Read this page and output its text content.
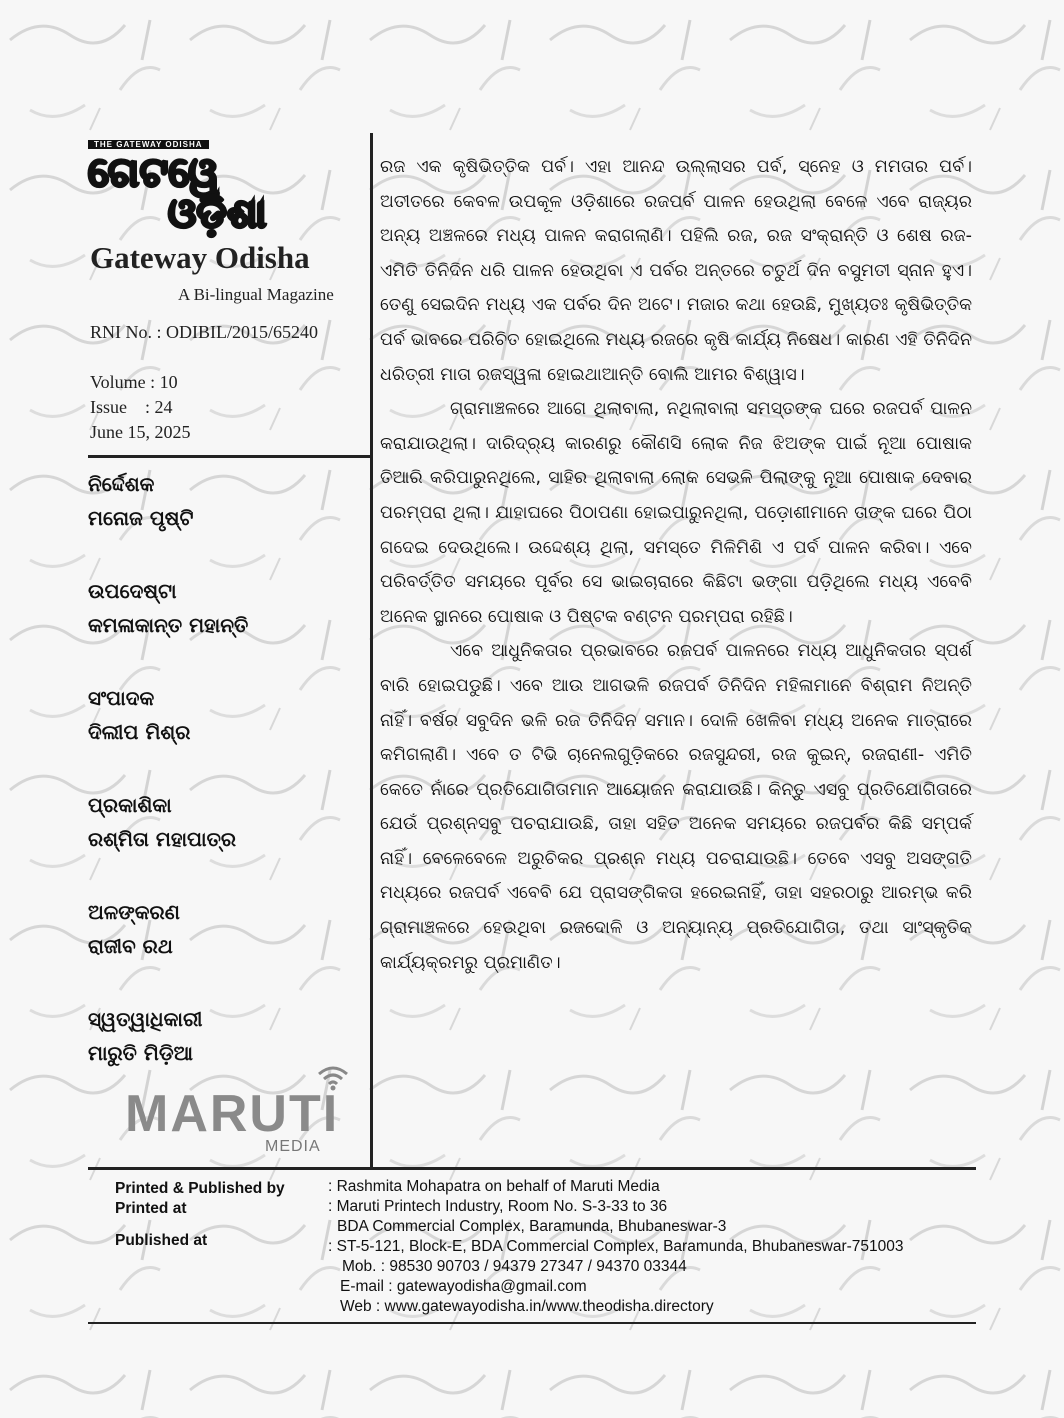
THE GATEWAY ODISHA
ଗେଟୱେ
ଓଡ଼ିଶା
Gateway Odisha
A Bi-lingual Magazine
RNI No. : ODIBIL/2015/65240
Volume : 10
Issue    : 24
June 15, 2025
ନିର୍ଦ୍ଦେଶକ
ମନୋଜ ପୃଷ୍ଟି
ଉପଦେଷ୍ଟା
କମଳାକାନ୍ତ ମହାନ୍ତି
ସଂପାଦକ
ଦିଲୀପ ମିଶ୍ର
ପ୍ରକାଶିକା
ରଶ୍ମିତା ମହାପାତ୍ର
ଅଳଙ୍କରଣ
ରାଜୀବ ରଥ
ସ୍ୱତ୍ୱାଧିକାରୀ
ମାରୁତି ମିଡ଼ିଆ
MARUTI
MEDIA

ରଜ ଏକ କୃଷିଭିତ୍ତିକ ପର୍ବ। ଏହା ଆନନ୍ଦ ଉଲ୍ଲାସର ପର୍ବ, ସ୍ନେହ ଓ ମମତାର ପର୍ବ। ଅତୀତରେ କେବଳ ଉପକୂଳ ଓଡ଼ିଶାରେ ରଜପର୍ବ ପାଳନ ହେଉଥିଲା ବେଳେ ଏବେ ରାଜ୍ୟର ଅନ୍ୟ ଅଞ୍ଚଳରେ ମଧ୍ୟ ପାଳନ କରାଗଲାଣି। ପହିଲି ରଜ, ରଜ ସଂକ୍ରାନ୍ତି ଓ ଶେଷ ରଜ- ଏମିତି ତିନିଦିନ ଧରି ପାଳନ ହେଉଥିବା ଏ ପର୍ବର ଅନ୍ତରେ ଚତୁର୍ଥ ଦିନ ବସୁମତୀ ସ୍ନାନ ହୁଏ। ତେଣୁ ସେଇଦିନ ମଧ୍ୟ ଏକ ପର୍ବର ଦିନ ଅଟେ। ମଜାର କଥା ହେଉଛି, ମୁଖ୍ୟତଃ କୃଷିଭିତ୍ତିକ ପର୍ବ ଭାବରେ ପରିଚିତ ହୋଇଥିଲେ ମଧ୍ୟ ରଜରେ କୃଷି କାର୍ଯ୍ୟ ନିଷେଧ। କାରଣ ଏହି ତିନିଦିନ ଧରିତ୍ରୀ ମାତା ରଜସ୍ୱଳା ହୋଇଥାଆନ୍ତି ବୋଲି ଆମର ବିଶ୍ୱାସ।

ଗ୍ରାମାଞ୍ଚଳରେ ଆଗେ ଥିଲାବାଲା, ନଥିଲାବାଲା ସମସ୍ତଙ୍କ ଘରେ ରଜପର୍ବ ପାଳନ କରାଯାଉଥିଲା। ଦାରିଦ୍ର୍ୟ କାରଣରୁ କୌଣସି ଲୋକ ନିଜ ଝିଅଙ୍କ ପାଇଁ ନୂଆ ପୋଷାକ ତିଆରି କରିପାରୁନଥିଲେ, ସାହିର ଥିଲାବାଲା ଲୋକ ସେଭଳି ପିଲାଙ୍କୁ ନୂଆ ପୋଷାକ ଦେବାର ପରମ୍ପରା ଥିଲା। ଯାହାଘରେ ପିଠାପଣା ହୋଇପାରୁନଥିଲା, ପଡ଼ୋଶୀମାନେ ତାଙ୍କ ଘରେ ପିଠା ଗଦେଇ ଦେଉଥିଲେ। ଉଦ୍ଦେଶ୍ୟ ଥିଲା, ସମସ୍ତେ ମିଳିମିଶି ଏ ପର୍ବ ପାଳନ କରିବା। ଏବେ ପରିବର୍ତ୍ତିତ ସମୟରେ ପୂର୍ବର ସେ ଭାଇଚାରାରେ କିଛିଟା ଭଙ୍ଗା ପଡ଼ିଥିଲେ ମଧ୍ୟ ଏବେବି ଅନେକ ସ୍ଥାନରେ ପୋଷାକ ଓ ପିଷ୍ଟକ ବଣ୍ଟନ ପରମ୍ପରା ରହିଛି।

ଏବେ ଆଧୁନିକତାର ପ୍ରଭାବରେ ରଜପର୍ବ ପାଳନରେ ମଧ୍ୟ ଆଧୁନିକତାର ସ୍ପର୍ଶ ବାରି ହୋଇପଡୁଛି। ଏବେ ଆଉ ଆଗଭଳି ରଜପର୍ବ ତିନିଦିନ ମହିଳାମାନେ ବିଶ୍ରାମ ନିଅନ୍ତି ନାହିଁ। ବର୍ଷର ସବୁଦିନ ଭଳି ରଜ ତିନିଦିନ ସମାନ। ଦୋଳି ଖେଳିବା ମଧ୍ୟ ଅନେକ ମାତ୍ରାରେ କମିଗଲାଣି। ଏବେ ତ ଟିଭି ଚାନେଲଗୁଡ଼ିକରେ ରଜସୁନ୍ଦରୀ, ରଜ କୁଇନ୍, ରଜରାଣୀ- ଏମିତି କେତେ ନାଁରେ ପ୍ରତିଯୋଗିତାମାନ ଆୟୋଜନ କରାଯାଉଛି। କିନ୍ତୁ ଏସବୁ ପ୍ରତିଯୋଗିତାରେ ଯେଉଁ ପ୍ରଶ୍ନସବୁ ପଚରାଯାଉଛି, ତାହା ସହିତ ଅନେକ ସମୟରେ ରଜପର୍ବର କିଛି ସମ୍ପର୍କ ନାହିଁ। ବେଳେବେଳେ ଅରୁଚିକର ପ୍ରଶ୍ନ ମଧ୍ୟ ପଚରାଯାଉଛି। ତେବେ ଏସବୁ ଅସଙ୍ଗତି ମଧ୍ୟରେ ରଜପର୍ବ ଏବେବି ଯେ ପ୍ରାସଙ୍ଗିକତା ହରେଇନାହିଁ, ତାହା ସହରଠାରୁ ଆରମ୍ଭ କରି ଗ୍ରାମାଞ୍ଚଳରେ ହେଉଥିବା ରଜଦୋଳି ଓ ଅନ୍ୟାନ୍ୟ ପ୍ରତିଯୋଗିତା, ତଥା ସାଂସ୍କୃତିକ କାର୍ଯ୍ୟକ୍ରମରୁ ପ୍ରମାଣିତ।

Printed & Published by
Printed at
Published at
: Rashmita Mohapatra on behalf of Maruti Media
: Maruti Printech Industry, Room No. S-3-33 to 36
BDA Commercial Complex, Baramunda, Bhubaneswar-3
: ST-5-121, Block-E, BDA Commercial Complex, Baramunda, Bhubaneswar-751003
Mob. : 98530 90703 / 94379 27347 / 94370 03344
E-mail : gatewayodisha@gmail.com
Web : www.gatewayodisha.in/www.theodisha.directory
